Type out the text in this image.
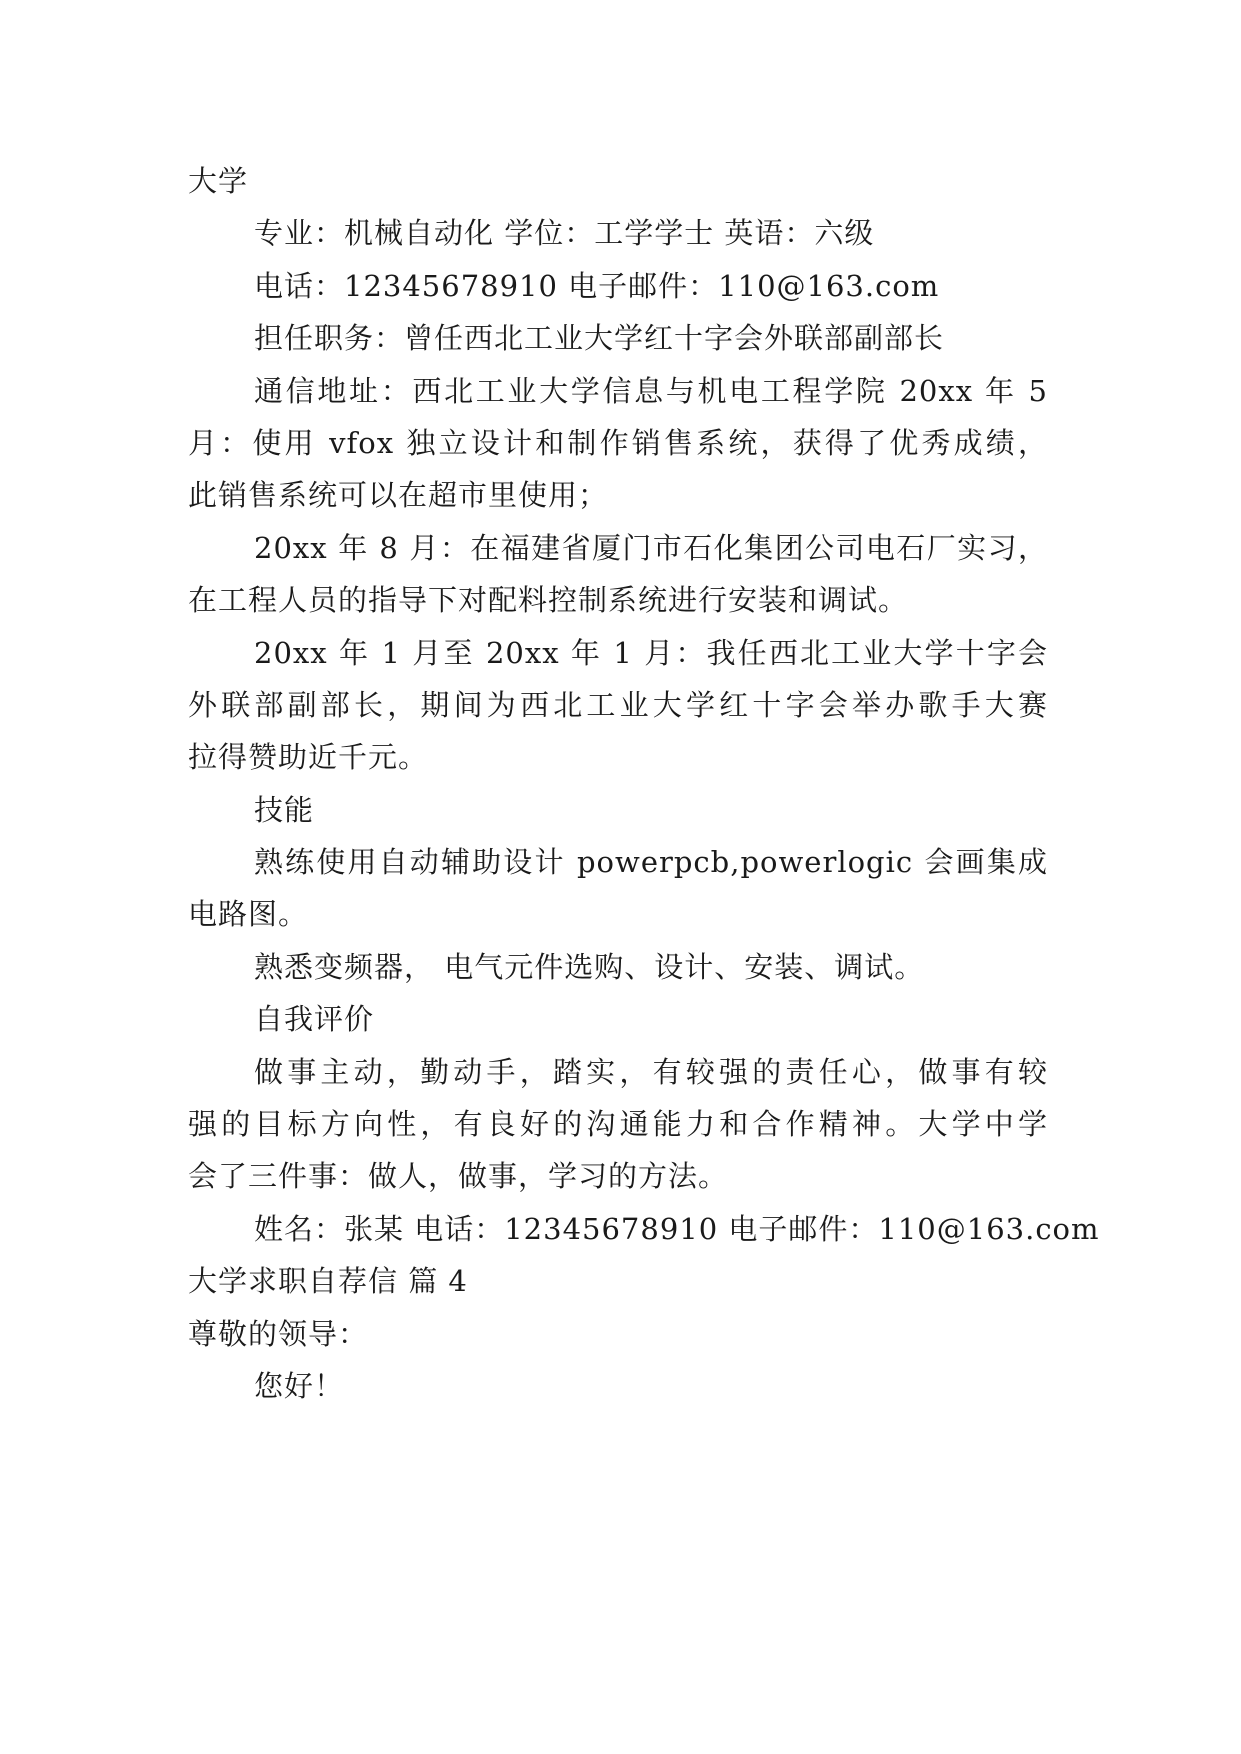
大学
专业：机械自动化 学位：工学学士 英语：六级
电话：12345678910 电子邮件：110@163.com
担任职务：曾任西北工业大学红十字会外联部副部长
通信地址：西北工业大学信息与机电工程学院 20xx 年 5
月：使用 vfox 独立设计和制作销售系统，获得了优秀成绩，
此销售系统可以在超市里使用；
20xx 年 8 月：在福建省厦门市石化集团公司电石厂实习，
在工程人员的指导下对配料控制系统进行安装和调试。
20xx 年 1 月至 20xx 年 1 月：我任西北工业大学十字会
外联部副部长，期间为西北工业大学红十字会举办歌手大赛
拉得赞助近千元。
技能
熟练使用自动辅助设计 powerpcb,powerlogic 会画集成
电路图。
熟悉变频器， 电气元件选购、设计、安装、调试。
自我评价
做事主动，勤动手，踏实，有较强的责任心，做事有较
强的目标方向性，有良好的沟通能力和合作精神。大学中学
会了三件事：做人，做事，学习的方法。
姓名：张某 电话：12345678910 电子邮件：110@163.com
大学求职自荐信 篇 4
尊敬的领导：
您好！
